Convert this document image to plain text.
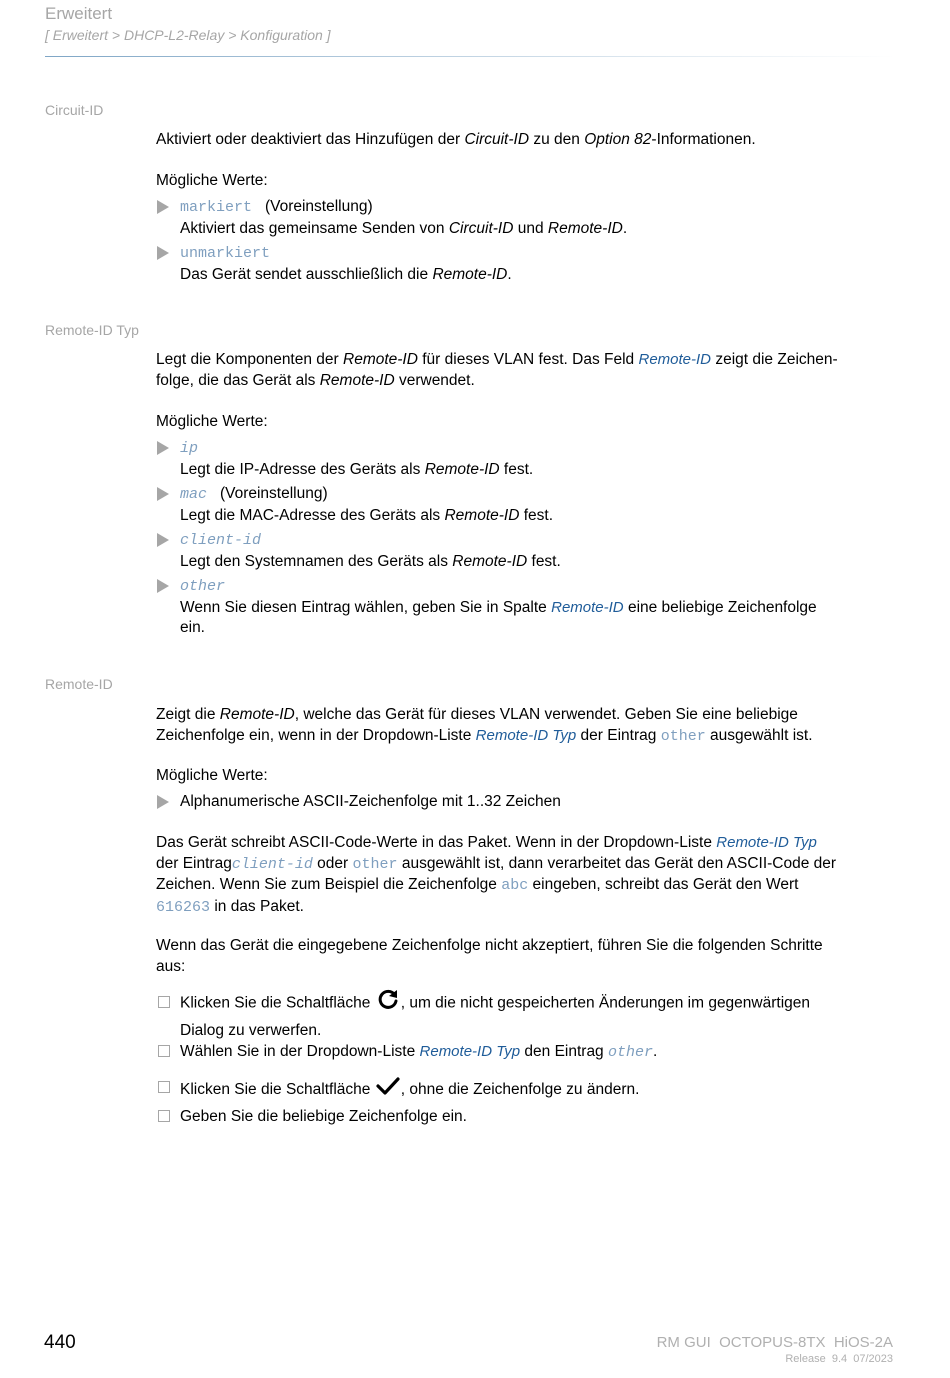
Erweitert
[ Erweitert > DHCP-L2-Relay > Konfiguration ]
Circuit-ID
Aktiviert oder deaktiviert das Hinzufügen der Circuit-ID zu den Option 82-Informationen.
Mögliche Werte:
markiert (Voreinstellung)
Aktiviert das gemeinsame Senden von Circuit-ID und Remote-ID.
unmarkiert
Das Gerät sendet ausschließlich die Remote-ID.
Remote-ID Typ
Legt die Komponenten der Remote-ID für dieses VLAN fest. Das Feld Remote-ID zeigt die Zeichen-
folge, die das Gerät als Remote-ID verwendet.
Mögliche Werte:
ip
Legt die IP-Adresse des Geräts als Remote-ID fest.
mac (Voreinstellung)
Legt die MAC-Adresse des Geräts als Remote-ID fest.
client-id
Legt den Systemnamen des Geräts als Remote-ID fest.
other
Wenn Sie diesen Eintrag wählen, geben Sie in Spalte Remote-ID eine beliebige Zeichenfolge
ein.
Remote-ID
Zeigt die Remote-ID, welche das Gerät für dieses VLAN verwendet. Geben Sie eine beliebige
Zeichenfolge ein, wenn in der Dropdown-Liste Remote-ID Typ der Eintrag other ausgewählt ist.
Mögliche Werte:
Alphanumerische ASCII-Zeichenfolge mit 1..32 Zeichen
Das Gerät schreibt ASCII-Code-Werte in das Paket. Wenn in der Dropdown-Liste Remote-ID Typ
der Eintragclient-id oder other ausgewählt ist, dann verarbeitet das Gerät den ASCII-Code der
Zeichen. Wenn Sie zum Beispiel die Zeichenfolge abc eingeben, schreibt das Gerät den Wert
616263 in das Paket.
Wenn das Gerät die eingegebene Zeichenfolge nicht akzeptiert, führen Sie die folgenden Schritte
aus:
Klicken Sie die Schaltfläche , um die nicht gespeicherten Änderungen im gegenwärtigen
Dialog zu verwerfen.
Wählen Sie in der Dropdown-Liste Remote-ID Typ den Eintrag other.
Klicken Sie die Schaltfläche , ohne die Zeichenfolge zu ändern.
Geben Sie die beliebige Zeichenfolge ein.
440	RM GUI  OCTOPUS-8TX  HiOS-2A
Release  9.4  07/2023
